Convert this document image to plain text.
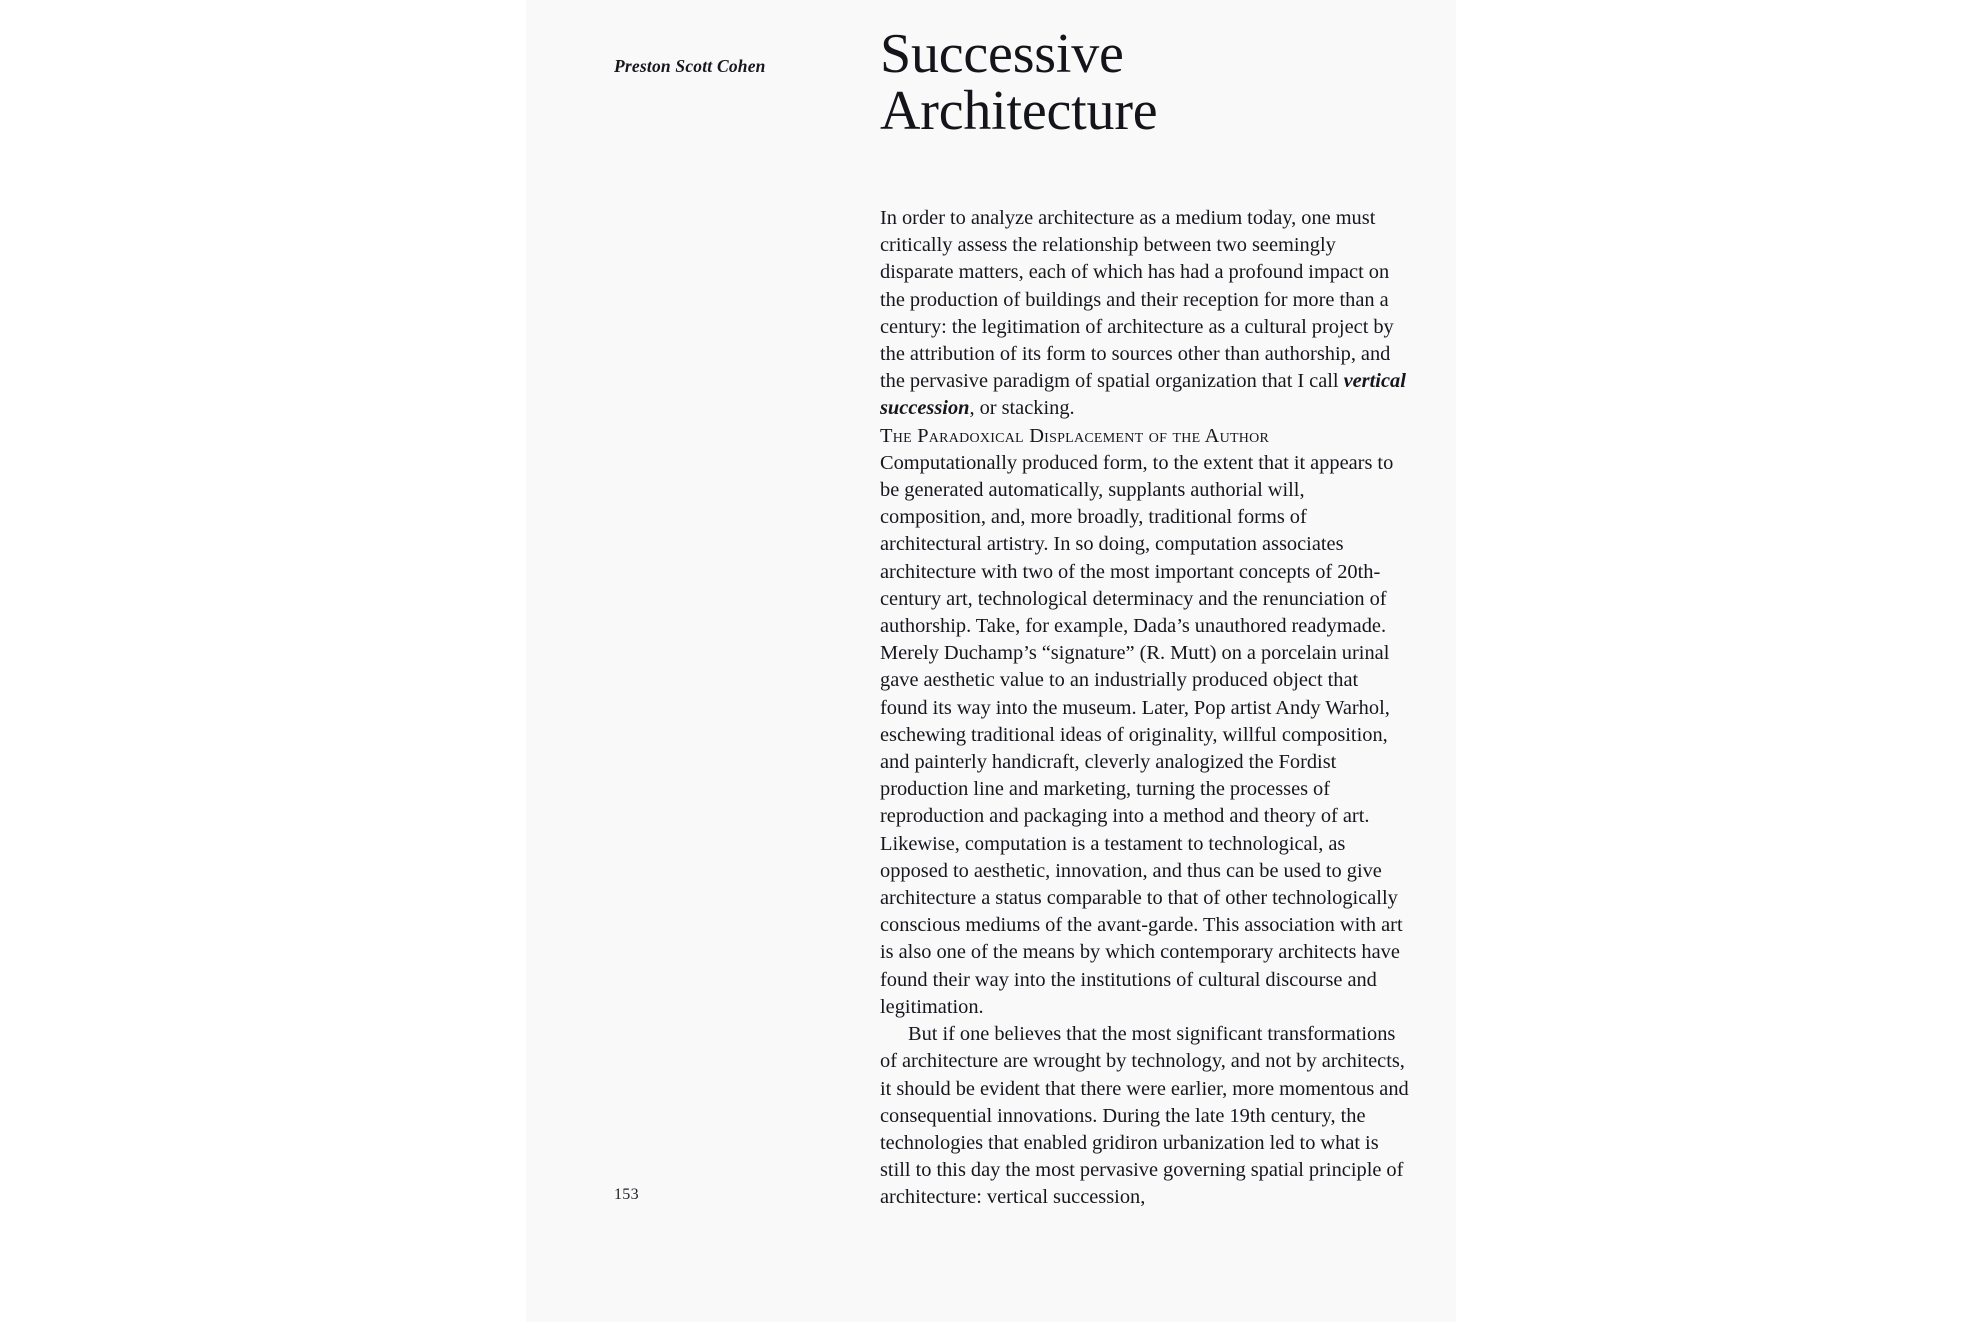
Preston Scott Cohen	Successive
Architecture

In order to analyze architecture as a medium today, one must critically assess the relationship between two seemingly disparate matters, each of which has had a profound impact on the production of buildings and their reception for more than a century: the legitimation of architecture as a cultural project by the attribution of its form to sources other than authorship, and the pervasive paradigm of spatial organization that I call vertical succession, or stacking.

The Paradoxical Displacement of the Author

Computationally produced form, to the extent that it appears to be generated automatically, supplants authorial will, composition, and, more broadly, traditional forms of architectural artistry. In so doing, computation associates architecture with two of the most important concepts of 20th-century art, technological determinacy and the renunciation of authorship. Take, for example, Dada’s unauthored readymade. Merely Duchamp’s “signature” (R. Mutt) on a porcelain urinal gave aesthetic value to an industrially produced object that found its way into the museum. Later, Pop artist Andy Warhol, eschewing traditional ideas of originality, willful composition, and painterly handicraft, cleverly analogized the Fordist production line and marketing, turning the processes of reproduction and packaging into a method and theory of art. Likewise, computation is a testament to technological, as opposed to aesthetic, innovation, and thus can be used to give architecture a status comparable to that of other technologically conscious mediums of the avant-garde. This association with art is also one of the means by which contemporary architects have found their way into the institutions of cultural discourse and legitimation.

But if one believes that the most significant transformations of architecture are wrought by technology, and not by architects, it should be evident that there were earlier, more momentous and consequential innovations. During the late 19th century, the technologies that enabled gridiron urbanization led to what is still to this day the most pervasive governing spatial principle of architecture: vertical succession,

153
